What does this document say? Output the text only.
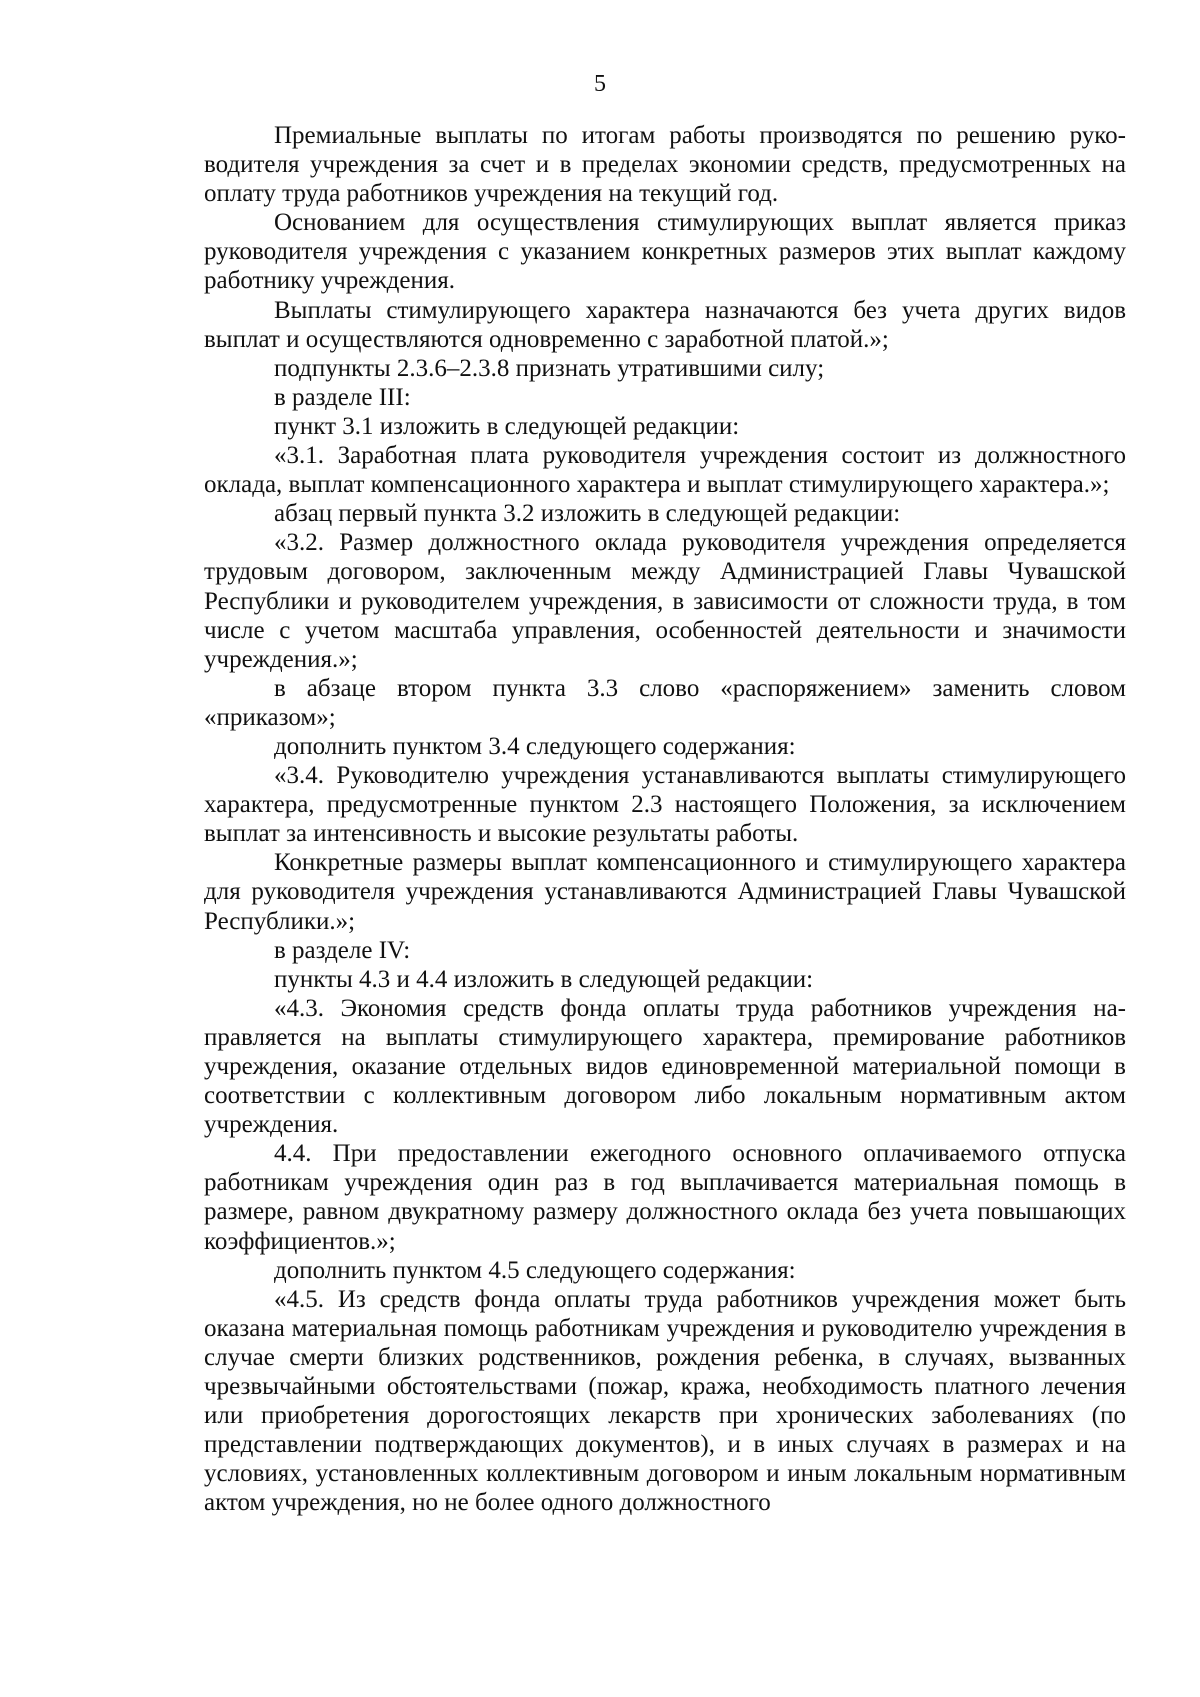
5

Премиальные выплаты по итогам работы производятся по решению руководителя учреждения за счет и в пределах экономии средств, предусмотренных на оплату труда работников учреждения на текущий год.

Основанием для осуществления стимулирующих выплат является приказ руководителя учреждения с указанием конкретных размеров этих выплат каждому работнику учреждения.

Выплаты стимулирующего характера назначаются без учета других видов выплат и осуществляются одновременно с заработной платой.»;

подпункты 2.3.6–2.3.8 признать утратившими силу;

в разделе III:

пункт 3.1 изложить в следующей редакции:

«3.1. Заработная плата руководителя учреждения состоит из должностного оклада, выплат компенсационного характера и выплат стимулирующего характера.»;

абзац первый пункта 3.2 изложить в следующей редакции:

«3.2. Размер должностного оклада руководителя учреждения определяется трудовым договором, заключенным между Администрацией Главы Чувашской Республики и руководителем учреждения, в зависимости от сложности труда, в том числе с учетом масштаба управления, особенностей деятельности и значимости учреждения.»;

в абзаце втором пункта 3.3 слово «распоряжением» заменить словом «приказом»;

дополнить пунктом 3.4 следующего содержания:

«3.4. Руководителю учреждения устанавливаются выплаты стимулирующего характера, предусмотренные пунктом 2.3 настоящего Положения, за исключением выплат за интенсивность и высокие результаты работы.

Конкретные размеры выплат компенсационного и стимулирующего характера для руководителя учреждения устанавливаются Администрацией Главы Чувашской Республики.»;

в разделе IV:

пункты 4.3 и 4.4 изложить в следующей редакции:

«4.3. Экономия средств фонда оплаты труда работников учреждения направляется на выплаты стимулирующего характера, премирование работников учреждения, оказание отдельных видов единовременной материальной помощи в соответствии с коллективным договором либо локальным нормативным актом учреждения.

4.4. При предоставлении ежегодного основного оплачиваемого отпуска работникам учреждения один раз в год выплачивается материальная помощь в размере, равном двукратному размеру должностного оклада без учета повышающих коэффициентов.»;

дополнить пунктом 4.5 следующего содержания:

«4.5. Из средств фонда оплаты труда работников учреждения может быть оказана материальная помощь работникам учреждения и руководителю учреждения в случае смерти близких родственников, рождения ребенка, в случаях, вызванных чрезвычайными обстоятельствами (пожар, кража, необходимость платного лечения или приобретения дорогостоящих лекарств при хронических заболеваниях (по представлении подтверждающих документов), и в иных случаях в размерах и на условиях, установленных коллективным договором и иным локальным нормативным актом учреждения, но не более одного должностного
